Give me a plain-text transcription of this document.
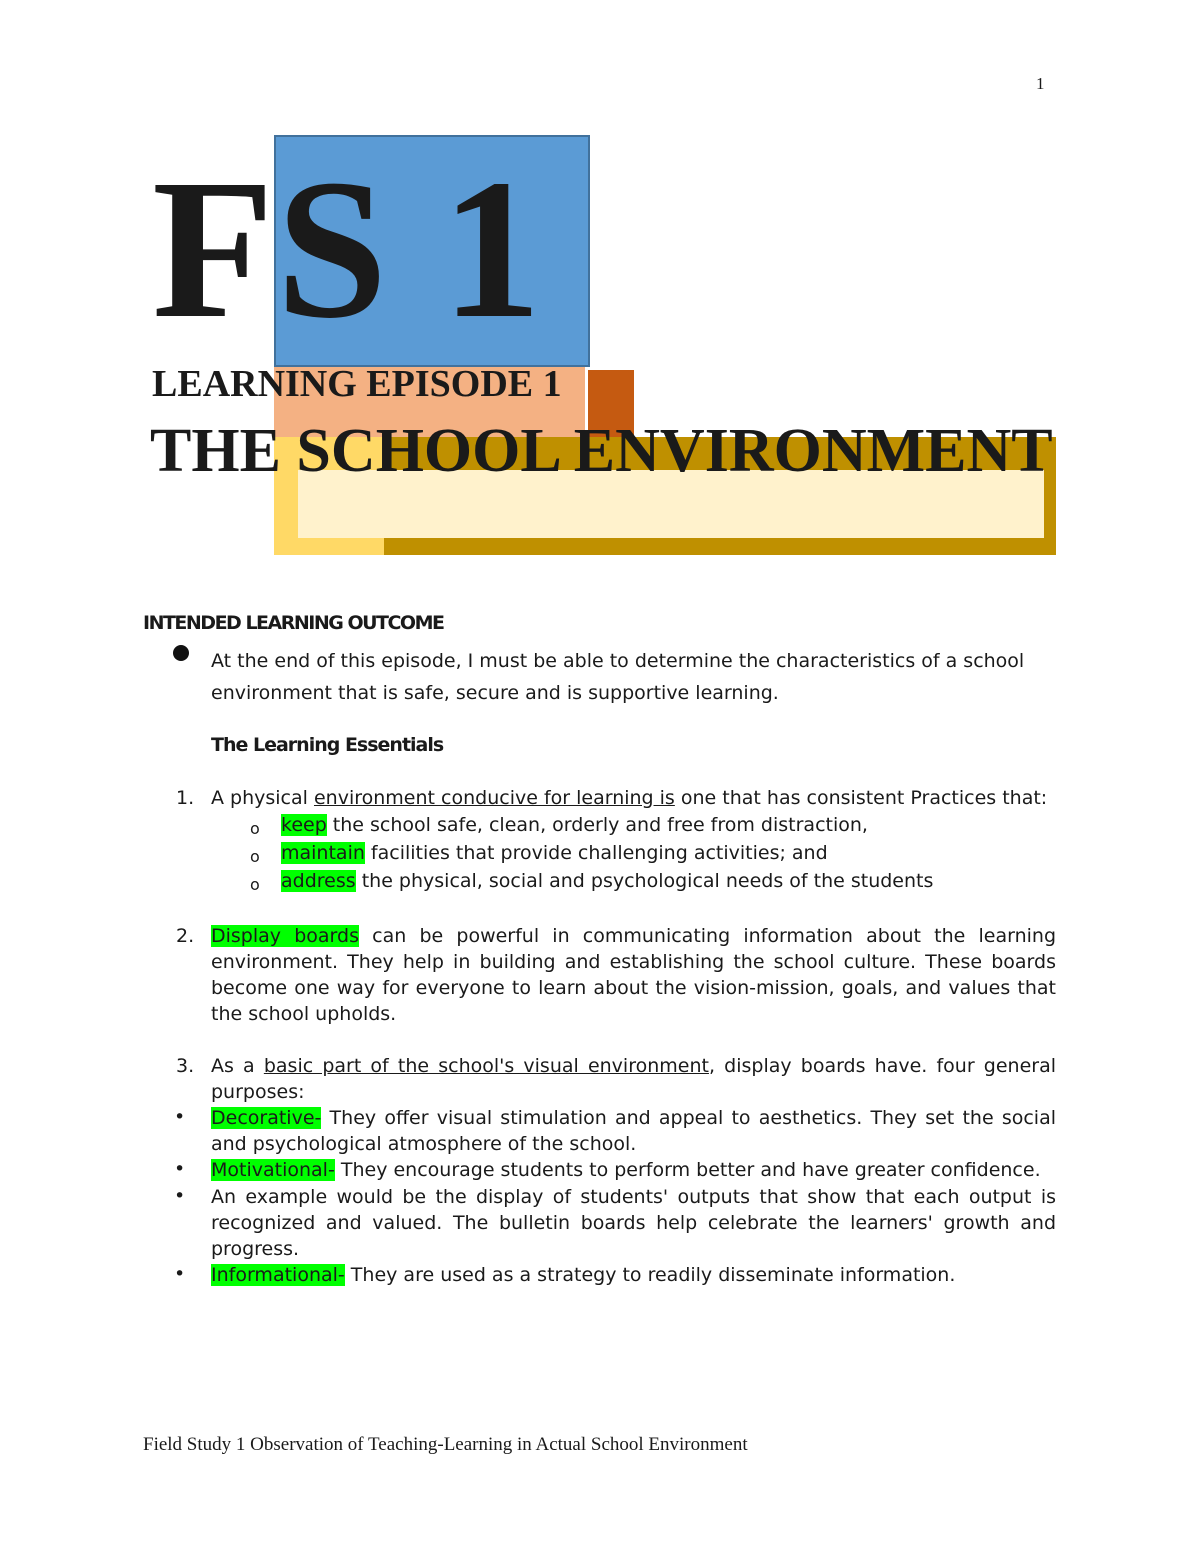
1
FS 1
LEARNING EPISODE 1
THE SCHOOL ENVIRONMENT
INTENDED LEARNING OUTCOME
At the end of this episode, I must be able to determine the characteristics of a school
environment that is safe, secure and is supportive learning.
The Learning Essentials
1. A physical environment conducive for learning is one that has consistent Practices that:
o keep the school safe, clean, orderly and free from distraction,
o maintain facilities that provide challenging activities; and
o address the physical, social and psychological needs of the students
2. Display boards can be powerful in communicating information about the learning environment. They help in building and establishing the school culture. These boards become one way for everyone to learn about the vision-mission, goals, and values that the school upholds.
3. As a basic part of the school's visual environment, display boards have. four general purposes:
• Decorative- They offer visual stimulation and appeal to aesthetics. They set the social and psychological atmosphere of the school.
• Motivational- They encourage students to perform better and have greater confidence.
• An example would be the display of students' outputs that show that each output is recognized and valued. The bulletin boards help celebrate the learners' growth and progress.
• Informational- They are used as a strategy to readily disseminate information.
Field Study 1 Observation of Teaching-Learning in Actual School Environment
